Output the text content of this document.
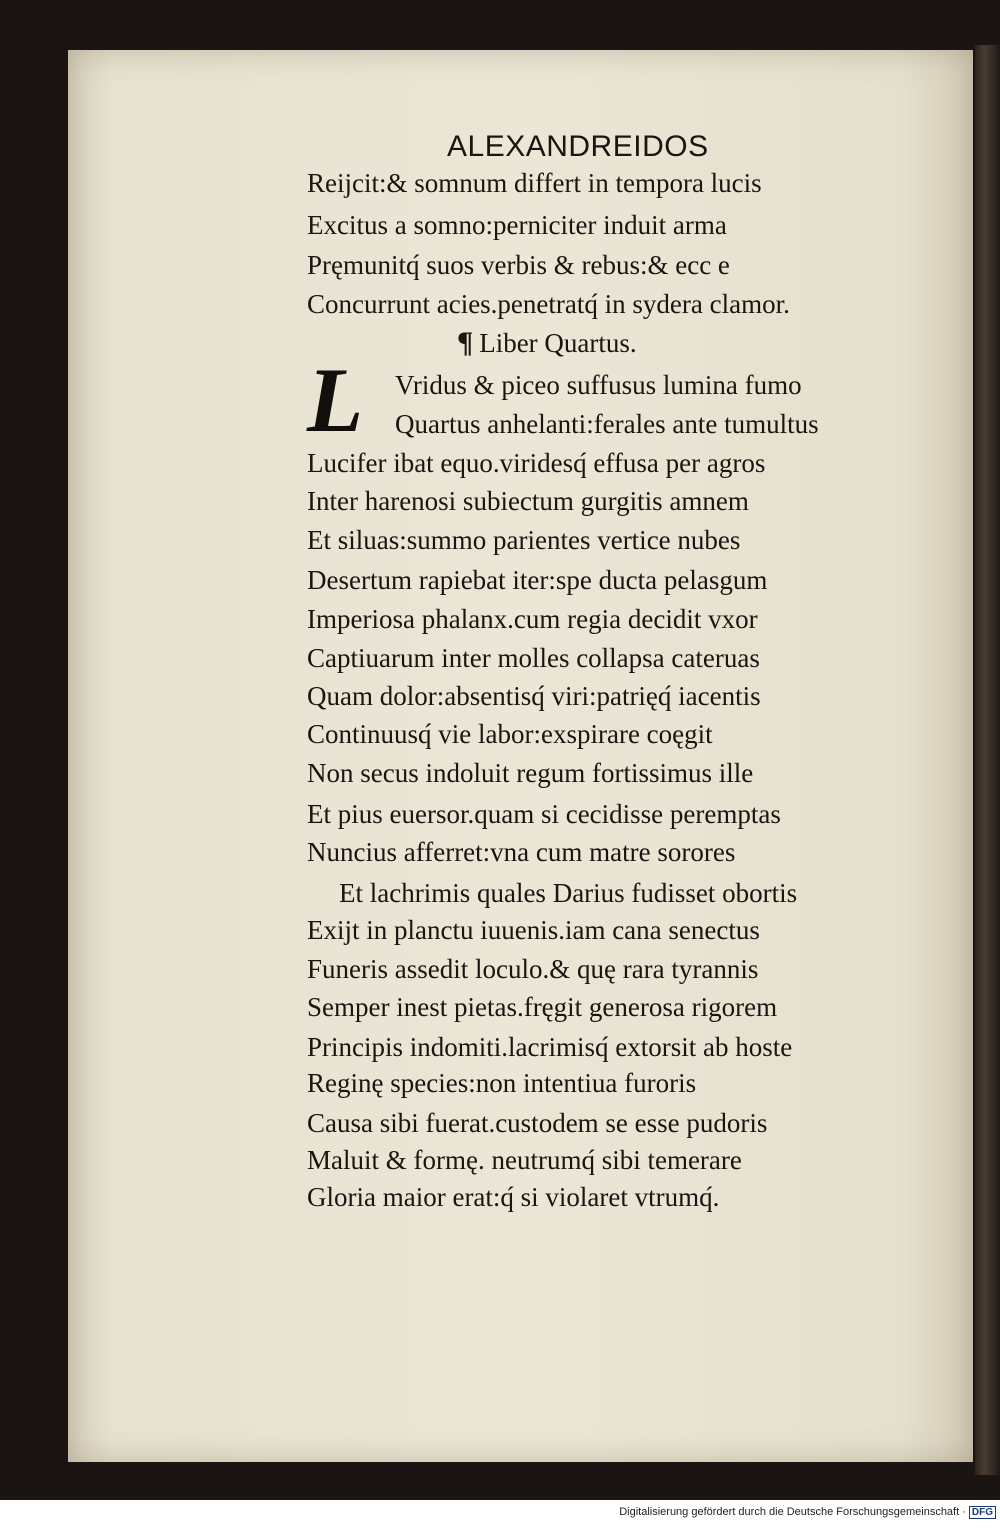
ALEXANDREIDOS
Reijcit:& somnum differt in tempora lucis
Excitus a somno:perniciter induit arma
Pręmunitq́ suos verbis & rebus:& ecc e
Concurrunt acies.penetratq́ in sydera clamor.
¶ Liber Quartus.
L	Vridus & piceo suffusus lumina fumo
Quartus anhelanti:ferales ante tumultus
Lucifer ibat equo.viridesq́ effusa per agros
Inter harenosi subiectum gurgitis amnem
Et siluas:summo parientes vertice nubes
Desertum rapiebat iter:spe ducta pelasgum
Imperiosa phalanx.cum regia decidit vxor
Captiuarum inter molles collapsa cateruas
Quam dolor:absentisq́ viri:patrięq́ iacentis
Continuusq́ vie labor:exspirare coęgit
Non secus indoluit regum fortissimus ille
Et pius euersor.quam si cecidisse peremptas
Nuncius afferret:vna cum matre sorores
Et lachrimis quales Darius fudisset obortis
Exijt in planctu iuuenis.iam cana senectus
Funeris assedit loculo.& quę rara tyrannis
Semper inest pietas.fręgit generosa rigorem
Principis indomiti.lacrimisq́ extorsit ab hoste
Reginę species:non intentiua furoris
Causa sibi fuerat.custodem se esse pudoris
Maluit & formę. neutrumq́ sibi temerare
Gloria maior erat:q́ si violaret vtrumq́.
Digitalisierung gefördert durch die Deutsche Forschungsgemeinschaft · DFG
